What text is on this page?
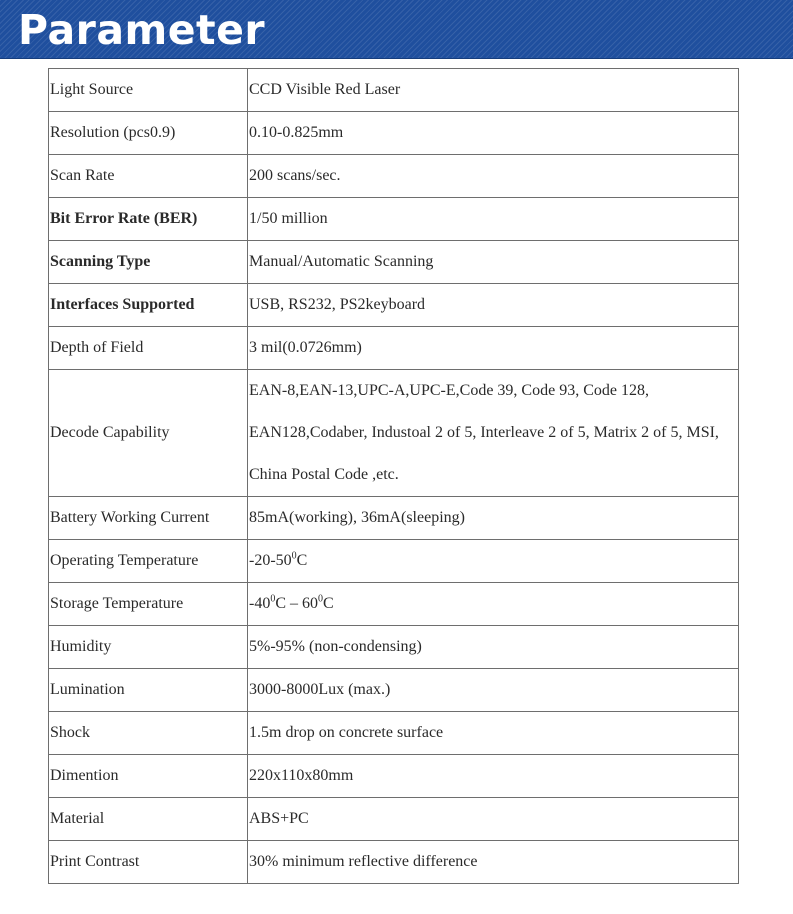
Parameter
Light Source	CCD Visible Red Laser
Resolution (pcs0.9)	0.10-0.825mm
Scan Rate	200 scans/sec.
Bit Error Rate (BER)	1/50 million
Scanning Type	Manual/Automatic Scanning
Interfaces Supported	USB, RS232, PS2keyboard
Depth of Field	3 mil(0.0726mm)
Decode Capability	EAN-8,EAN-13,UPC-A,UPC-E,Code 39, Code 93, Code 128, EAN128,Codaber, Industoal 2 of 5, Interleave 2 of 5, Matrix 2 of 5, MSI, China Postal Code ,etc.
Battery Working Current	85mA(working), 36mA(sleeping)
Operating Temperature	$-20-50^0C$
Storage Temperature	$-40^0C - 60^0C$
Humidity	5%-95% (non-condensing)
Lumination	3000-8000Lux (max.)
Shock	1.5m drop on concrete surface
Dimention	220x110x80mm
Material	ABS+PC
Print Contrast	30% minimum reflective difference
